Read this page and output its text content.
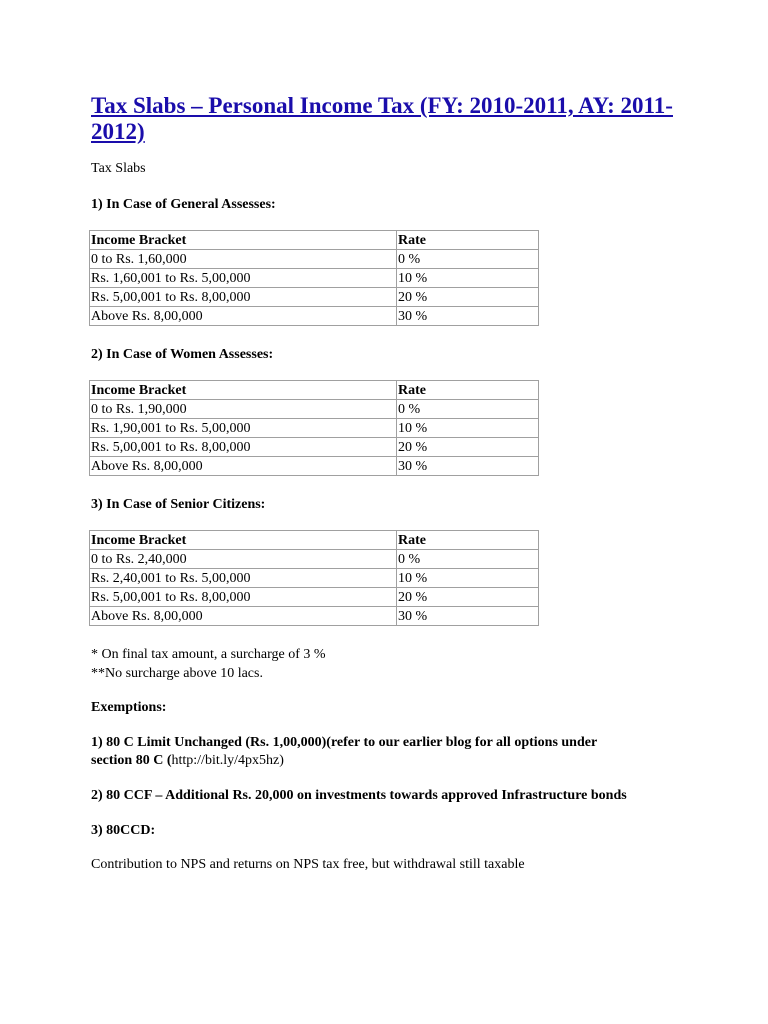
Tax Slabs – Personal Income Tax (FY: 2010-2011, AY: 2011-2012)
Tax Slabs
1) In Case of General Assesses:
Income Bracket	Rate
0 to Rs. 1,60,000	0 %
Rs. 1,60,001 to Rs. 5,00,000	10 %
Rs. 5,00,001 to Rs. 8,00,000	20 %
Above Rs. 8,00,000	30 %
2) In Case of Women Assesses:
Income Bracket	Rate
0 to Rs. 1,90,000	0 %
Rs. 1,90,001 to Rs. 5,00,000	10 %
Rs. 5,00,001 to Rs. 8,00,000	20 %
Above Rs. 8,00,000	30 %
3) In Case of Senior Citizens:
Income Bracket	Rate
0 to Rs. 2,40,000	0 %
Rs. 2,40,001 to Rs. 5,00,000	10 %
Rs. 5,00,001 to Rs. 8,00,000	20 %
Above Rs. 8,00,000	30 %
* On final tax amount, a surcharge of 3 %
**No surcharge above 10 lacs.
Exemptions:
1) 80 C Limit Unchanged (Rs. 1,00,000)(refer to our earlier blog for all options under
section 80 C (http://bit.ly/4px5hz)
2) 80 CCF – Additional Rs. 20,000 on investments towards approved Infrastructure bonds
3) 80CCD:
Contribution to NPS and returns on NPS tax free, but withdrawal still taxable
